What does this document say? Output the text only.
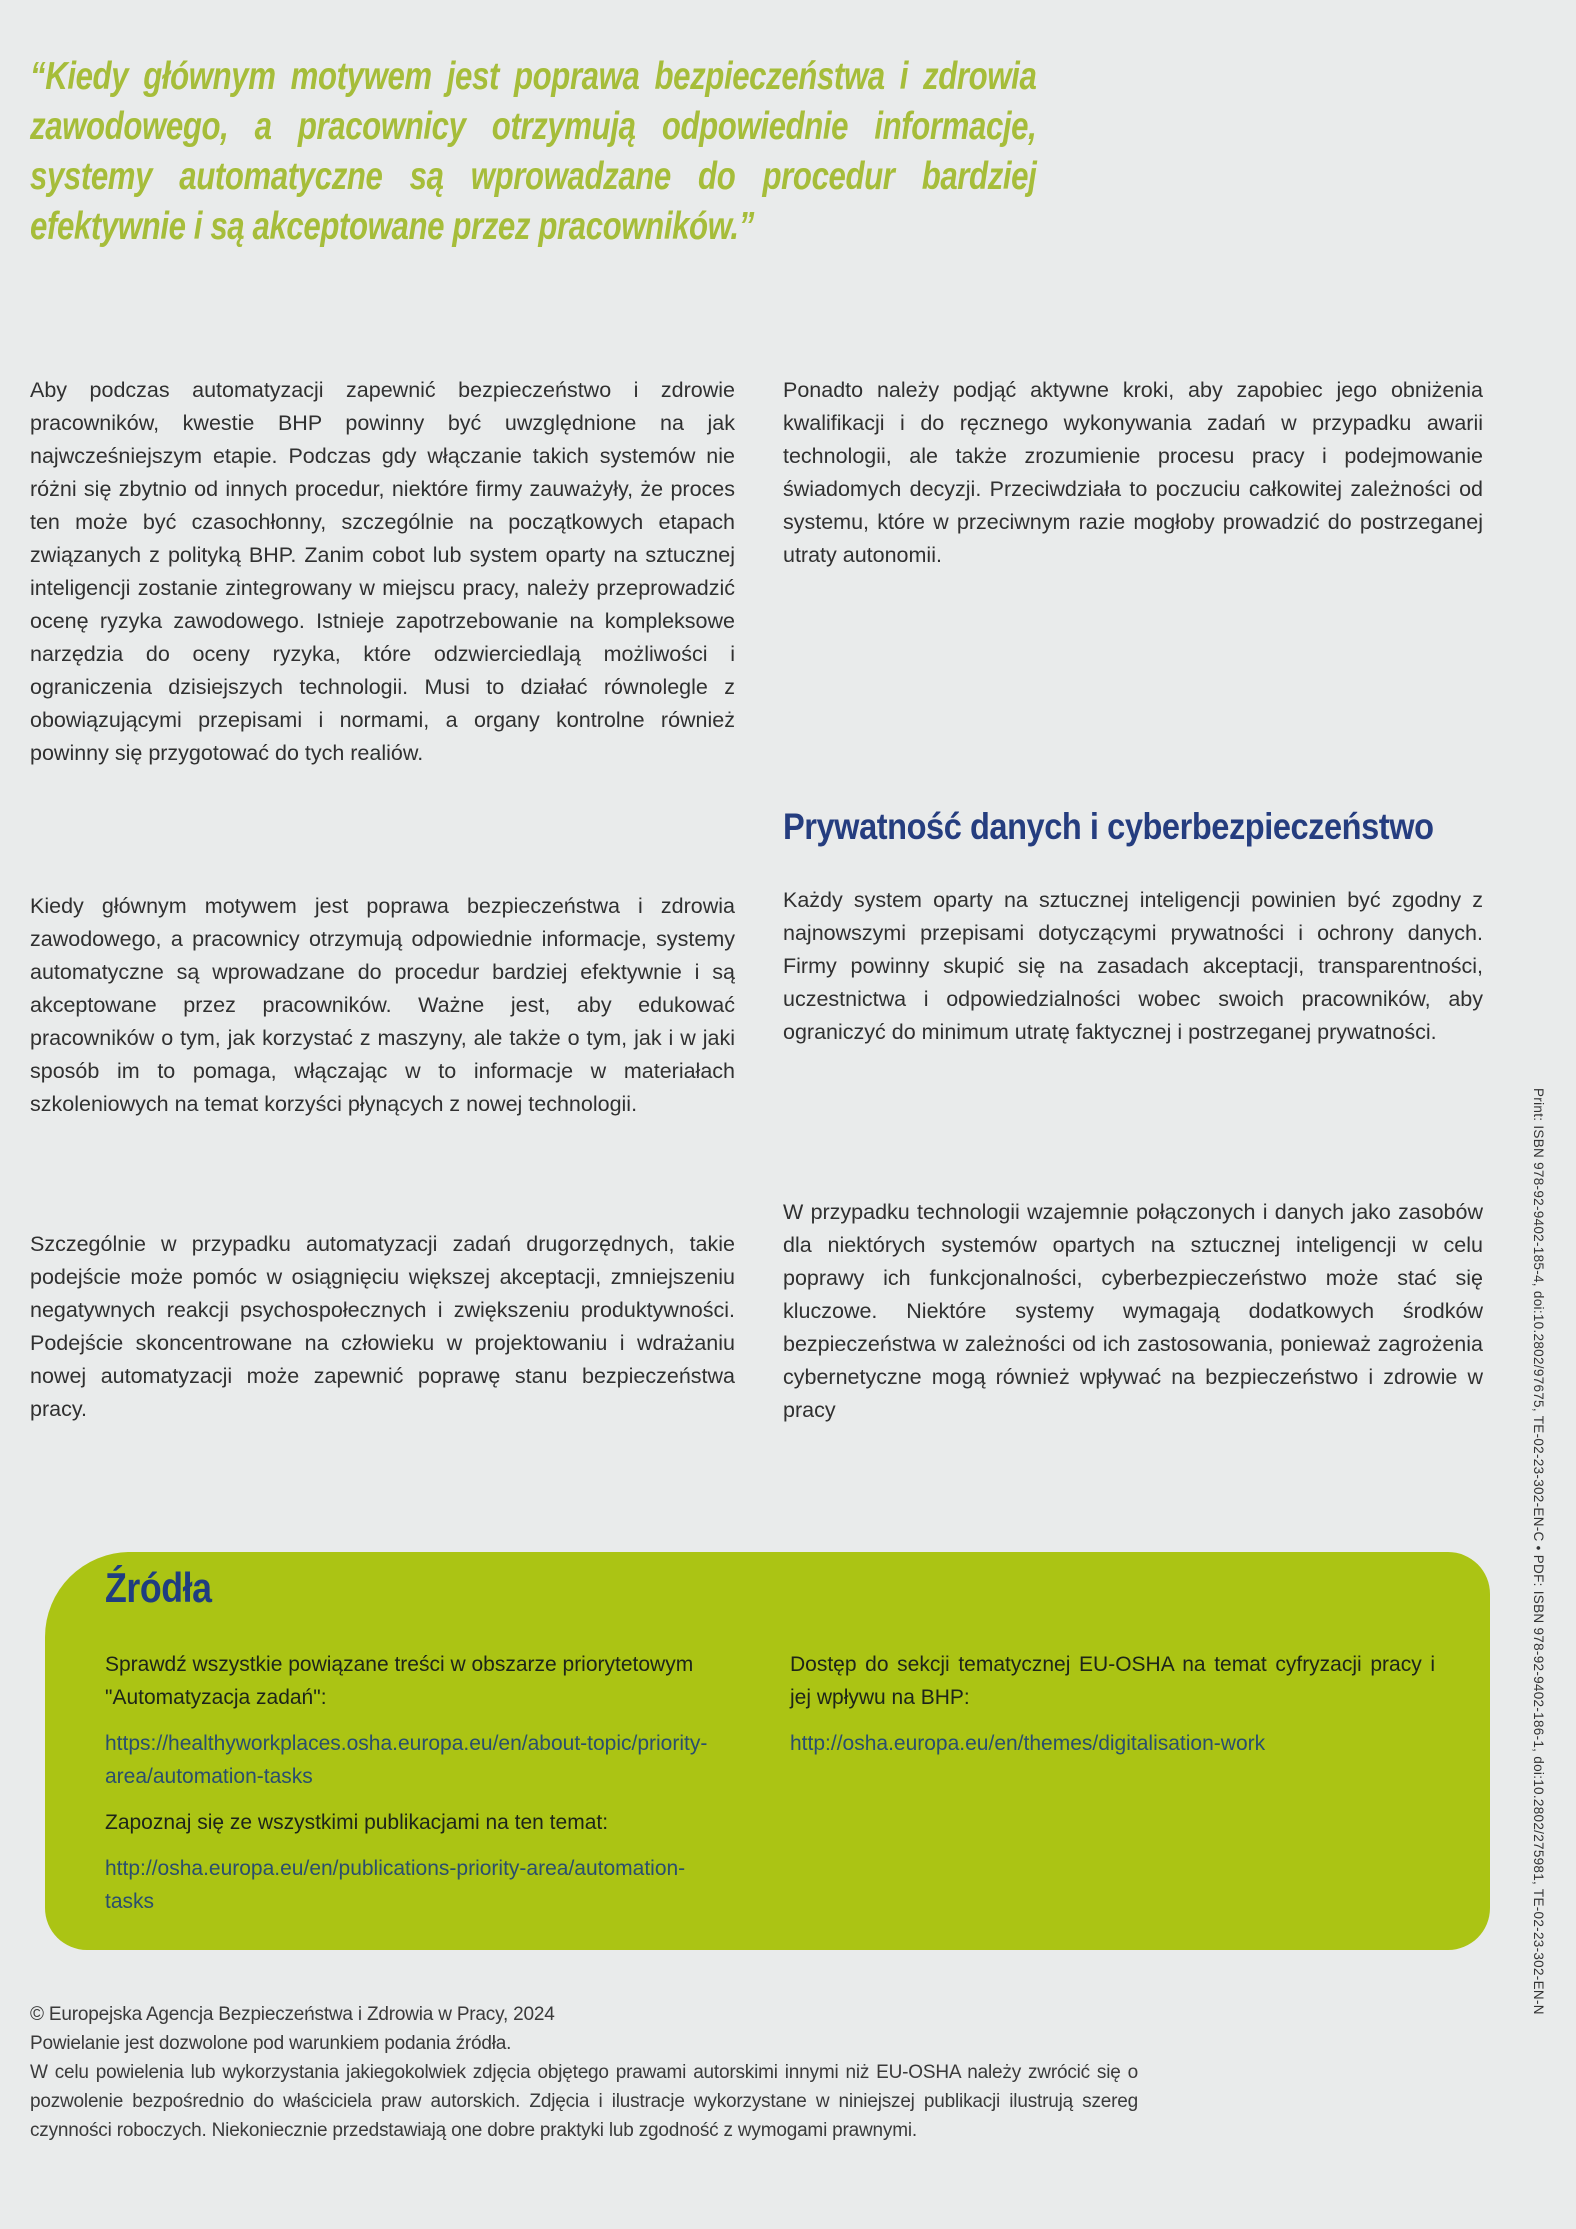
“Kiedy głównym motywem jest poprawa bezpieczeństwa i zdrowia zawodowego, a pracownicy otrzymują odpowiednie informacje, systemy automatyczne są wprowadzane do procedur bardziej efektywnie i są akceptowane przez pracowników.”

Aby podczas automatyzacji zapewnić bezpieczeństwo i zdrowie pracowników, kwestie BHP powinny być uwzględnione na jak najwcześniejszym etapie. Podczas gdy włączanie takich systemów nie różni się zbytnio od innych procedur, niektóre firmy zauważyły, że proces ten może być czasochłonny, szczególnie na początkowych etapach związanych z polityką BHP. Zanim cobot lub system oparty na sztucznej inteligencji zostanie zintegrowany w miejscu pracy, należy przeprowadzić ocenę ryzyka zawodowego. Istnieje zapotrzebowanie na kompleksowe narzędzia do oceny ryzyka, które odzwierciedlają możliwości i ograniczenia dzisiejszych technologii. Musi to działać równolegle z obowiązującymi przepisami i normami, a organy kontrolne również powinny się przygotować do tych realiów.

Kiedy głównym motywem jest poprawa bezpieczeństwa i zdrowia zawodowego, a pracownicy otrzymują odpowiednie informacje, systemy automatyczne są wprowadzane do procedur bardziej efektywnie i są akceptowane przez pracowników. Ważne jest, aby edukować pracowników o tym, jak korzystać z maszyny, ale także o tym, jak i w jaki sposób im to pomaga, włączając w to informacje w materiałach szkoleniowych na temat korzyści płynących z nowej technologii.

Szczególnie w przypadku automatyzacji zadań drugorzędnych, takie podejście może pomóc w osiągnięciu większej akceptacji, zmniejszeniu negatywnych reakcji psychospołecznych i zwiększeniu produktywności. Podejście skoncentrowane na człowieku w projektowaniu i wdrażaniu nowej automatyzacji może zapewnić poprawę stanu bezpieczeństwa pracy.

Ponadto należy podjąć aktywne kroki, aby zapobiec jego obniżenia kwalifikacji i do ręcznego wykonywania zadań w przypadku awarii technologii, ale także zrozumienie procesu pracy i podejmowanie świadomych decyzji. Przeciwdziała to poczuciu całkowitej zależności od systemu, które w przeciwnym razie mogłoby prowadzić do postrzeganej utraty autonomii.

Prywatność danych i cyberbezpieczeństwo

Każdy system oparty na sztucznej inteligencji powinien być zgodny z najnowszymi przepisami dotyczącymi prywatności i ochrony danych. Firmy powinny skupić się na zasadach akceptacji, transparentności, uczestnictwa i odpowiedzialności wobec swoich pracowników, aby ograniczyć do minimum utratę faktycznej i postrzeganej prywatności.

W przypadku technologii wzajemnie połączonych i danych jako zasobów dla niektórych systemów opartych na sztucznej inteligencji w celu poprawy ich funkcjonalności, cyberbezpieczeństwo może stać się kluczowe. Niektóre systemy wymagają dodatkowych środków bezpieczeństwa w zależności od ich zastosowania, ponieważ zagrożenia cybernetyczne mogą również wpływać na bezpieczeństwo i zdrowie w pracy

Źródła

Sprawdź wszystkie powiązane treści w obszarze priorytetowym "Automatyzacja zadań":

https://healthyworkplaces.osha.europa.eu/en/about-topic/priority-area/automation-tasks

Zapoznaj się ze wszystkimi publikacjami na ten temat:

http://osha.europa.eu/en/publications-priority-area/automation-tasks

Dostęp do sekcji tematycznej EU-OSHA na temat cyfryzacji pracy i jej wpływu na BHP:

http://osha.europa.eu/en/themes/digitalisation-work

© Europejska Agencja Bezpieczeństwa i Zdrowia w Pracy, 2024

Powielanie jest dozwolone pod warunkiem podania źródła.

W celu powielenia lub wykorzystania jakiegokolwiek zdjęcia objętego prawami autorskimi innymi niż EU-OSHA należy zwrócić się o pozwolenie bezpośrednio do właściciela praw autorskich. Zdjęcia i ilustracje wykorzystane w niniejszej publikacji ilustrują szereg czynności roboczych. Niekoniecznie przedstawiają one dobre praktyki lub zgodność z wymogami prawnymi.

Print: ISBN 978-92-9402-185-4, doi:10.2802/97675, TE-02-23-302-EN-C • PDF: ISBN 978-92-9402-186-1, doi:10.2802/275981, TE-02-23-302-EN-N
